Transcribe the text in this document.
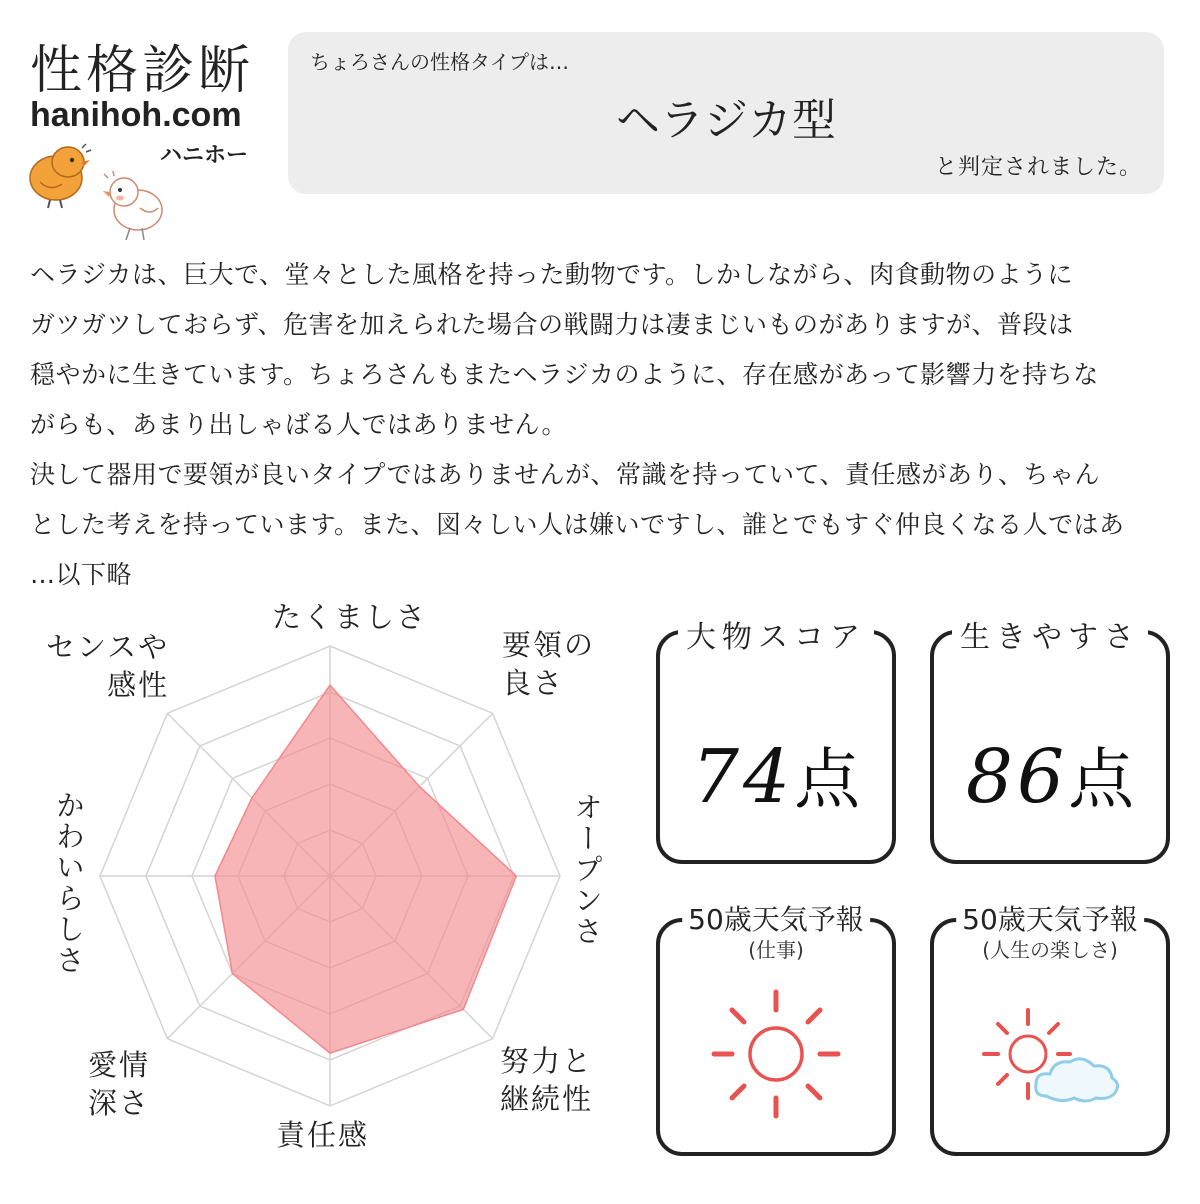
性格診断
hanihoh.com
ハニホー
ちょろさんの性格タイプは…
ヘラジカ型
と判定されました。

ヘラジカは、巨大で、堂々とした風格を持った動物です。しかしながら、肉食動物のように

ガツガツしておらず、危害を加えられた場合の戦闘力は凄まじいものがありますが、普段は

穏やかに生きています。ちょろさんもまたヘラジカのように、存在感があって影響力を持ちな

がらも、あまり出しゃばる人ではありません。

決して器用で要領が良いタイプではありませんが、常識を持っていて、責任感があり、ちゃん

とした考えを持っています。また、図々しい人は嫌いですし、誰とでもすぐ仲良くなる人ではあ

…以下略

たくましさ
要領の
良さ
オープンさ
努力と
継続性
責任感
愛情
深さ
かわいらしさ
センスや
感性
大物スコア
74点
生きやすさ
86点
50歳天気予報
(仕事)
50歳天気予報
(人生の楽しさ)
